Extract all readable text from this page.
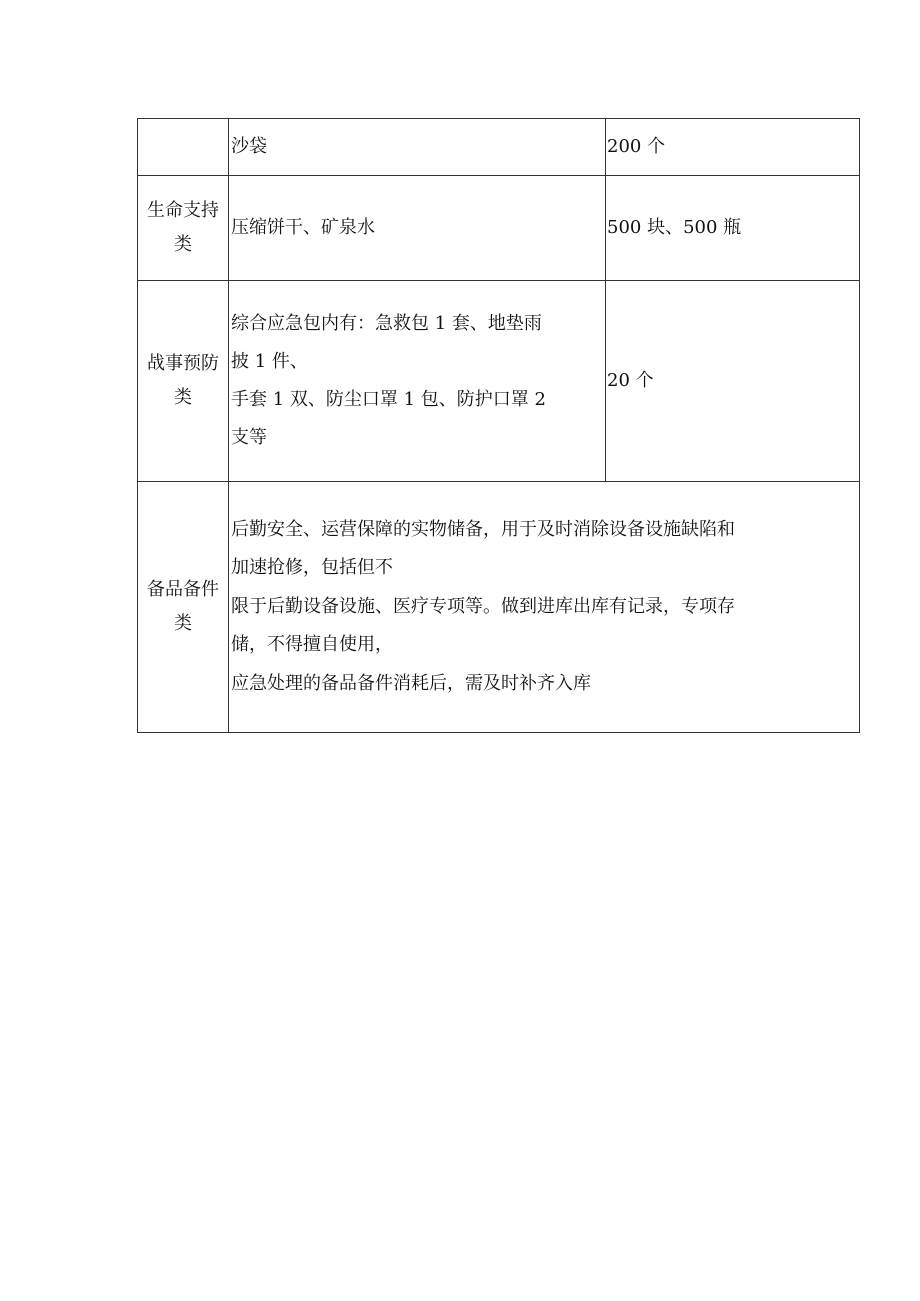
	沙袋	200 个

生命支持
类	压缩饼干、矿泉水	500 块、500 瓶

战事预防
类	综合应急包内有：急救包 1 套、地垫雨
披 1 件、
手套 1 双、防尘口罩 1 包、防护口罩 2
支等	20 个

备品备件
类	后勤安全、运营保障的实物储备，用于及时消除设备设施缺陷和
加速抢修，包括但不
限于后勤设备设施、医疗专项等。做到进库出库有记录，专项存
储，不得擅自使用，
应急处理的备品备件消耗后，需及时补齐入库	
